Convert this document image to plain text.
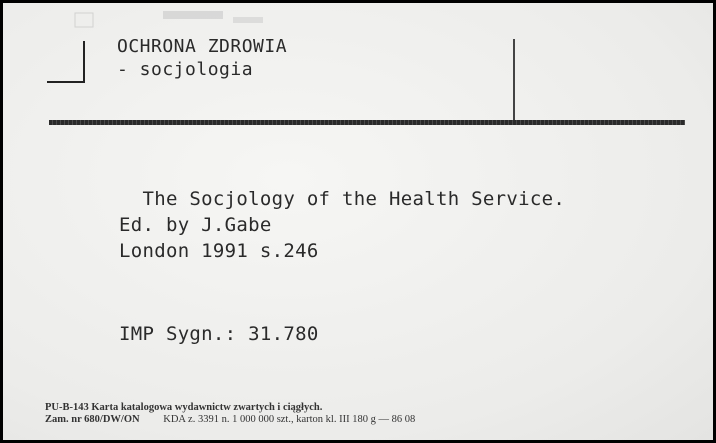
OCHRONA ZDROWIA
- socjologia
The Socjology of the Health Service.
Ed. by J.Gabe
London 1991 s.246
IMP Sygn.: 31.780
PU-B-143 Karta katalogowa wydawnictw zwartych i ciągłych.
Zam. nr 680/DW/ON KDA z. 3391 n. 1 000 000 szt., karton kl. III 180 g — 86 08
